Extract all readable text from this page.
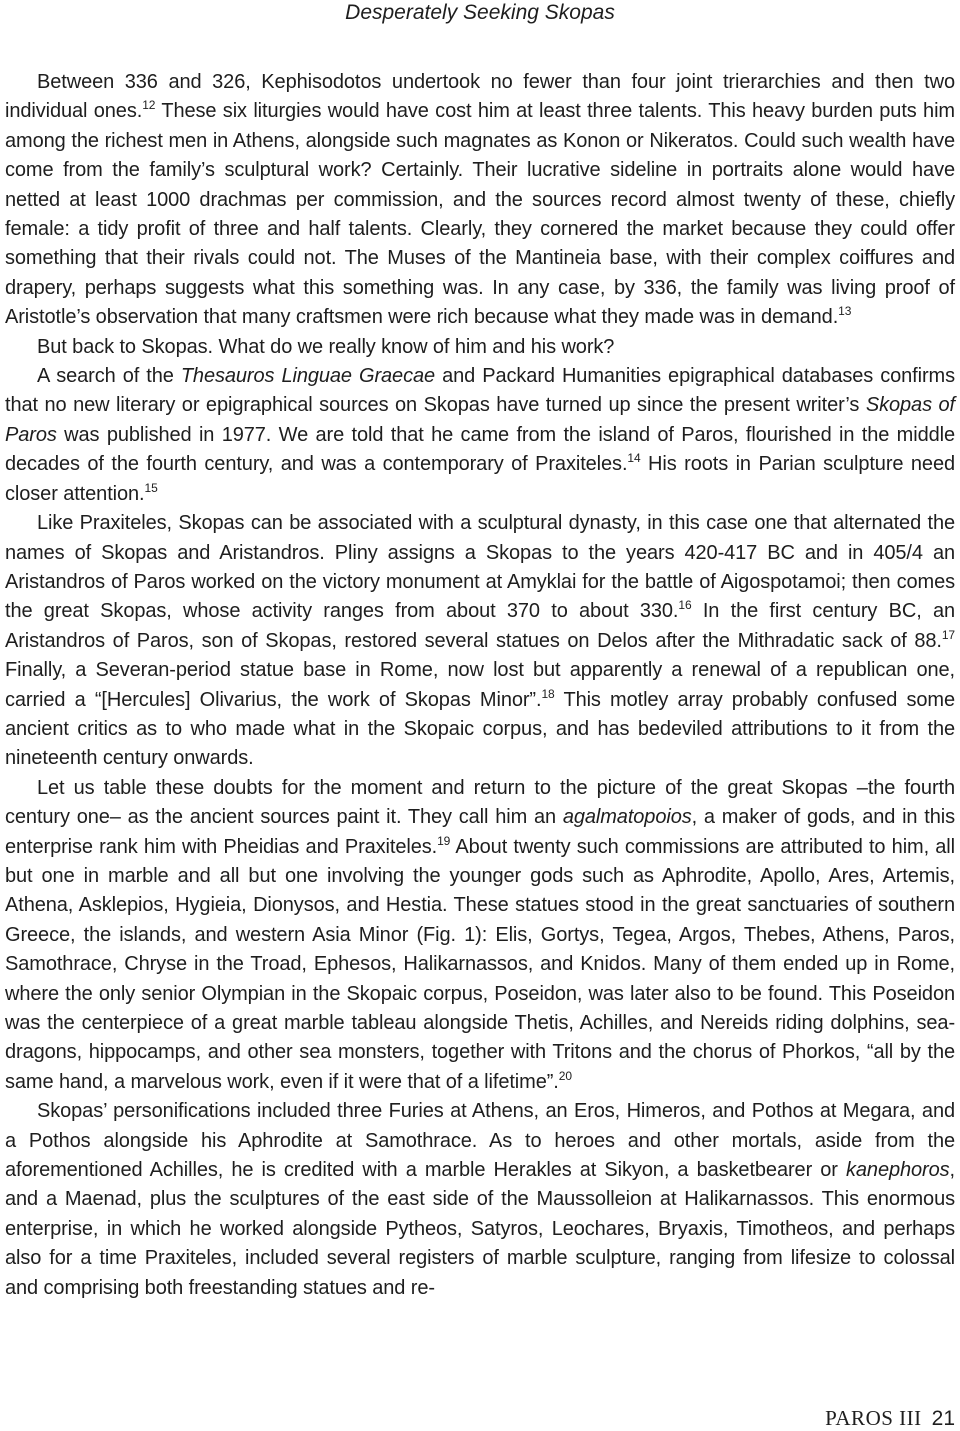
Desperately Seeking Skopas

Between 336 and 326, Kephisodotos undertook no fewer than four joint trierarchies and then two individual ones.$^{12}$ These six liturgies would have cost him at least three talents. This heavy burden puts him among the richest men in Athens, alongside such magnates as Konon or Nikeratos. Could such wealth have come from the family’s sculptural work? Certainly. Their lucrative sideline in portraits alone would have netted at least 1000 drachmas per commission, and the sources record almost twenty of these, chiefly female: a tidy profit of three and half talents. Clearly, they cornered the market because they could offer something that their rivals could not. The Muses of the Mantineia base, with their complex coiffures and drapery, perhaps suggests what this something was. In any case, by 336, the family was living proof of Aristotle’s observation that many craftsmen were rich because what they made was in demand.$^{13}$

But back to Skopas. What do we really know of him and his work?

A search of the Thesauros Linguae Graecae and Packard Humanities epigraphical databases confirms that no new literary or epigraphical sources on Skopas have turned up since the present writer’s Skopas of Paros was published in 1977. We are told that he came from the island of Paros, flourished in the middle decades of the fourth century, and was a contemporary of Praxiteles.$^{14}$ His roots in Parian sculpture need closer attention.$^{15}$

Like Praxiteles, Skopas can be associated with a sculptural dynasty, in this case one that alternated the names of Skopas and Aristandros. Pliny assigns a Skopas to the years 420-417 BC and in 405/4 an Aristandros of Paros worked on the victory monument at Amyklai for the battle of Aigospotamoi; then comes the great Skopas, whose activity ranges from about 370 to about 330.16 In the first century BC, an Aristandros of Paros, son of Skopas, restored several statues on Delos after the Mithradatic sack of 88.17 Finally, a Severan-period statue base in Rome, now lost but apparently a renewal of a republican one, carried a “[Hercules] Olivarius, the work of Skopas Minor”.$^{18}$ This motley array probably confused some ancient critics as to who made what in the Skopaic corpus, and has bedeviled attributions to it from the nineteenth century onwards.

Let us table these doubts for the moment and return to the picture of the great Skopas –the fourth century one– as the ancient sources paint it. They call him an agalmatopoios, a maker of gods, and in this enterprise rank him with Pheidias and Praxiteles.$^{19}$ About twenty such commissions are attributed to him, all but one in marble and all but one involving the younger gods such as Aphrodite, Apollo, Ares, Artemis, Athena, Asklepios, Hygieia, Dionysos, and Hestia. These statues stood in the great sanctuaries of southern Greece, the islands, and western Asia Minor (Fig. 1): Elis, Gortys, Tegea, Argos, Thebes, Athens, Paros, Samothrace, Chryse in the Troad, Ephesos, Halikarnassos, and Knidos. Many of them ended up in Rome, where the only senior Olympian in the Skopaic corpus, Poseidon, was later also to be found. This Poseidon was the centerpiece of a great marble tableau alongside Thetis, Achilles, and Nereids riding dolphins, sea-dragons, hippocamps, and other sea monsters, together with Tritons and the chorus of Phorkos, “all by the same hand, a marvelous work, even if it were that of a lifetime”.$^{20}$

Skopas’ personifications included three Furies at Athens, an Eros, Himeros, and Pothos at Megara, and a Pothos alongside his Aphrodite at Samothrace. As to heroes and other mortals, aside from the aforementioned Achilles, he is credited with a marble Herakles at Sikyon, a basketbearer or kanephoros, and a Maenad, plus the sculptures of the east side of the Maussolleion at Halikarnassos. This enormous enterprise, in which he worked alongside Pytheos, Satyros, Leochares, Bryaxis, Timotheos, and perhaps also for a time Praxiteles, included several registers of marble sculpture, ranging from lifesize to colossal and comprising both freestanding statues and re-

PAROS III 21
